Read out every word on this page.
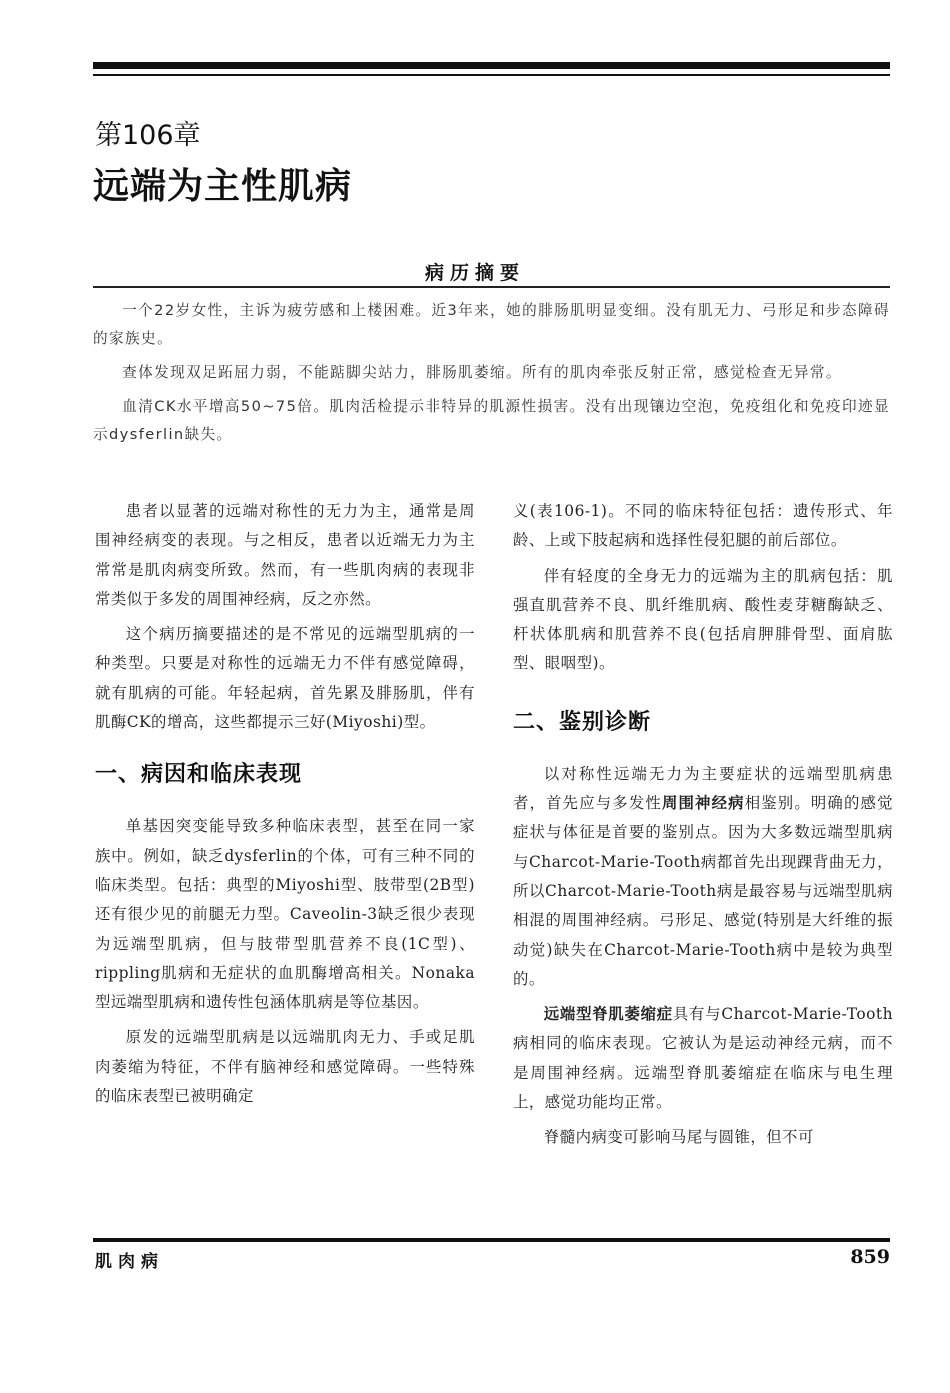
第106章
远端为主性肌病
病历摘要

一个22岁女性，主诉为疲劳感和上楼困难。近3年来，她的腓肠肌明显变细。没有肌无力、弓形足和步态障碍的家族史。

查体发现双足跖屈力弱，不能踮脚尖站力，腓肠肌萎缩。所有的肌肉牵张反射正常，感觉检查无异常。

血清CK水平增高50~75倍。肌肉活检提示非特异的肌源性损害。没有出现镶边空泡，免疫组化和免疫印迹显示dysferlin缺失。

患者以显著的远端对称性的无力为主，通常是周围神经病变的表现。与之相反，患者以近端无力为主常常是肌肉病变所致。然而，有一些肌肉病的表现非常类似于多发的周围神经病，反之亦然。

这个病历摘要描述的是不常见的远端型肌病的一种类型。只要是对称性的远端无力不伴有感觉障碍，就有肌病的可能。年轻起病，首先累及腓肠肌，伴有肌酶CK的增高，这些都提示三好(Miyoshi)型。

一、病因和临床表现

单基因突变能导致多种临床表型，甚至在同一家族中。例如，缺乏dysferlin的个体，可有三种不同的临床类型。包括：典型的Miyoshi型、肢带型(2B型)还有很少见的前腿无力型。Caveolin-3缺乏很少表现为远端型肌病，但与肢带型肌营养不良(1C型)、rippling肌病和无症状的血肌酶增高相关。Nonaka型远端型肌病和遗传性包涵体肌病是等位基因。

原发的远端型肌病是以远端肌肉无力、手或足肌肉萎缩为特征，不伴有脑神经和感觉障碍。一些特殊的临床表型已被明确定

义(表106-1)。不同的临床特征包括：遗传形式、年龄、上或下肢起病和选择性侵犯腿的前后部位。

伴有轻度的全身无力的远端为主的肌病包括：肌强直肌营养不良、肌纤维肌病、酸性麦芽糖酶缺乏、杆状体肌病和肌营养不良(包括肩胛腓骨型、面肩肱型、眼咽型)。

二、鉴别诊断

以对称性远端无力为主要症状的远端型肌病患者，首先应与多发性周围神经病相鉴别。明确的感觉症状与体征是首要的鉴别点。因为大多数远端型肌病与Charcot-Marie-Tooth病都首先出现踝背曲无力，所以Charcot-Marie-Tooth病是最容易与远端型肌病相混的周围神经病。弓形足、感觉(特别是大纤维的振动觉)缺失在Charcot-Marie-Tooth病中是较为典型的。

远端型脊肌萎缩症具有与Charcot-Marie-Tooth病相同的临床表现。它被认为是运动神经元病，而不是周围神经病。远端型脊肌萎缩症在临床与电生理上，感觉功能均正常。

脊髓内病变可影响马尾与圆锥，但不可

肌肉病	859
